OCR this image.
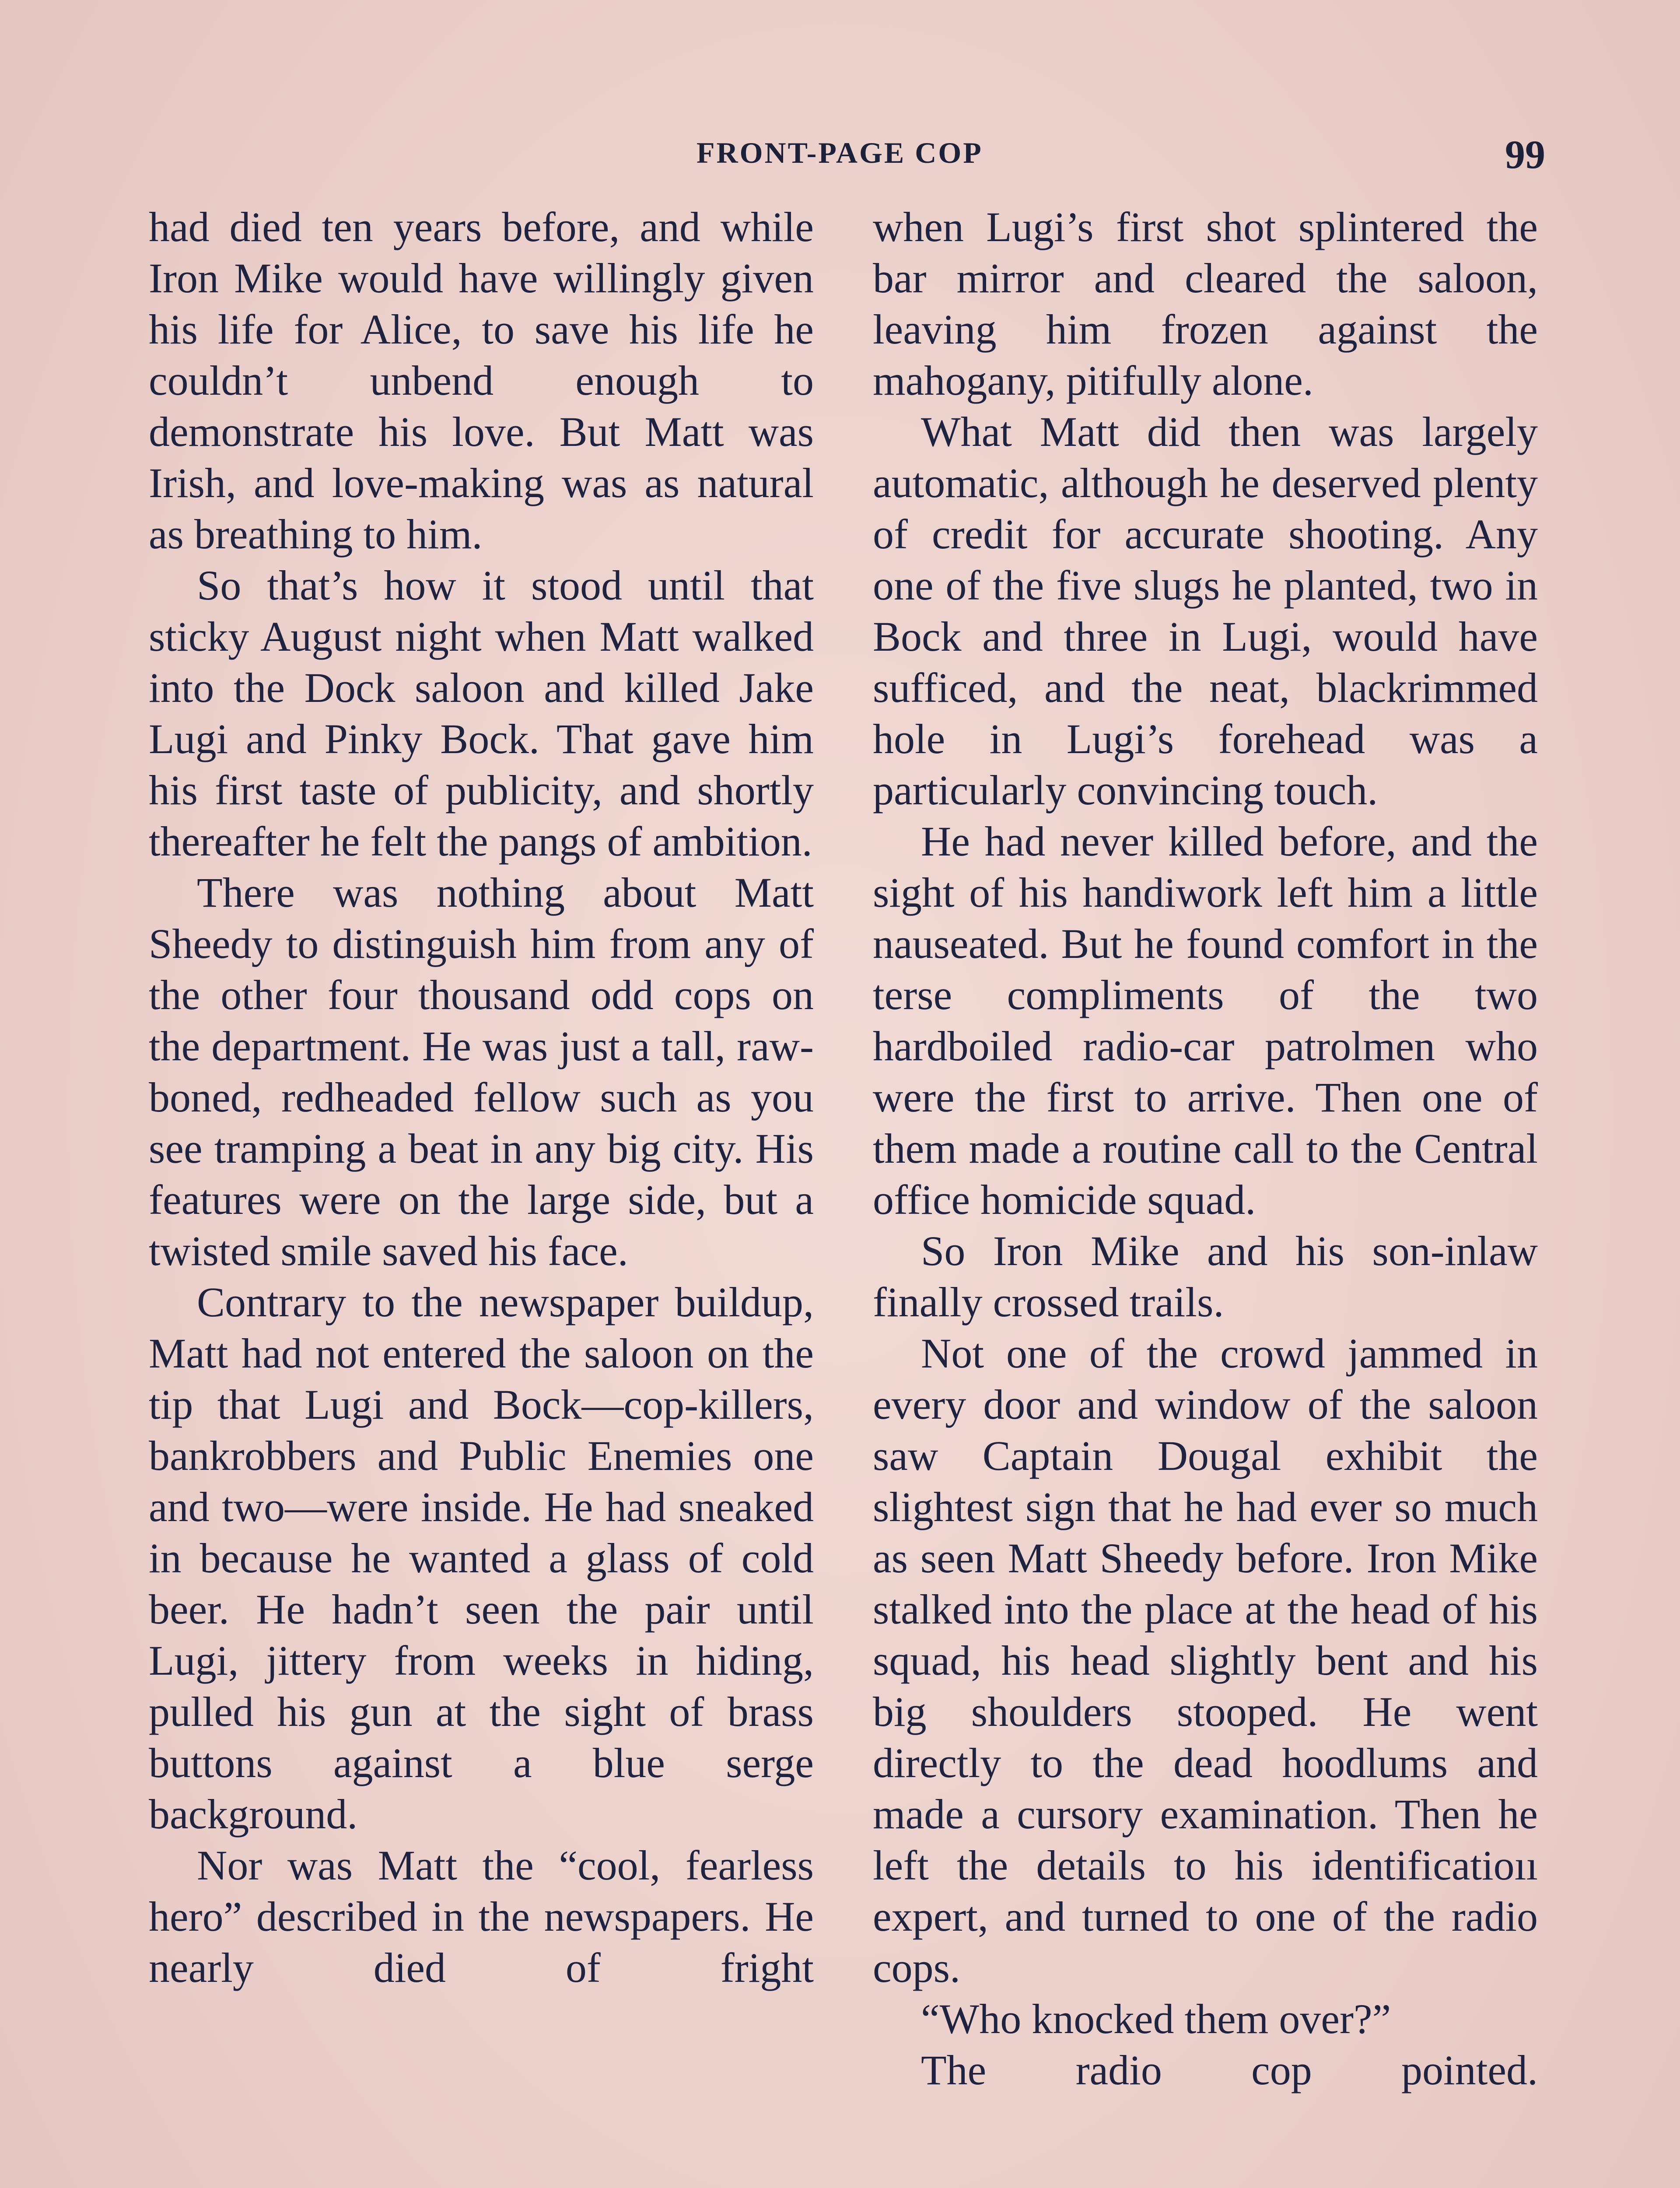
FRONT-PAGE COP	99

had died ten years before, and while Iron Mike would have willingly given his life for Alice, to save his life he couldn’t unbend enough to demonstrate his love. But Matt was Irish, and love-making was as natural as breathing to him.

So that’s how it stood until that sticky August night when Matt walked into the Dock saloon and killed Jake Lugi and Pinky Bock. That gave him his first taste of publicity, and shortly thereafter he felt the pangs of ambition.

There was nothing about Matt Sheedy to distinguish him from any of the other four thousand odd cops on the department. He was just a tall, raw-boned, redheaded fellow such as you see tramping a beat in any big city. His features were on the large side, but a twisted smile saved his face.

Contrary to the newspaper buildup, Matt had not entered the saloon on the tip that Lugi and Bock—cop-killers, bankrobbers and Public Enemies one and two—were inside. He had sneaked in because he wanted a glass of cold beer. He hadn’t seen the pair until Lugi, jittery from weeks in hiding, pulled his gun at the sight of brass buttons against a blue serge background.

Nor was Matt the “cool, fearless hero” described in the newspapers. He nearly died of fright

when Lugi’s first shot splintered the bar mirror and cleared the saloon, leaving him frozen against the mahogany, pitifully alone.

What Matt did then was largely automatic, although he deserved plenty of credit for accurate shooting. Any one of the five slugs he planted, two in Bock and three in Lugi, would have sufficed, and the neat, blackrimmed hole in Lugi’s forehead was a particularly convincing touch.

He had never killed before, and the sight of his handiwork left him a little nauseated. But he found comfort in the terse compliments of the two hardboiled radio-car patrolmen who were the first to arrive. Then one of them made a routine call to the Central office homicide squad.

So Iron Mike and his son-inlaw finally crossed trails.

Not one of the crowd jammed in every door and window of the saloon saw Captain Dougal exhibit the slightest sign that he had ever so much as seen Matt Sheedy before. Iron Mike stalked into the place at the head of his squad, his head slightly bent and his big shoulders stooped. He went directly to the dead hoodlums and made a cursory examination. Then he left the details to his identificatioıı expert, and turned to one of the radio cops.

“Who knocked them over?”

The radio cop pointed.
